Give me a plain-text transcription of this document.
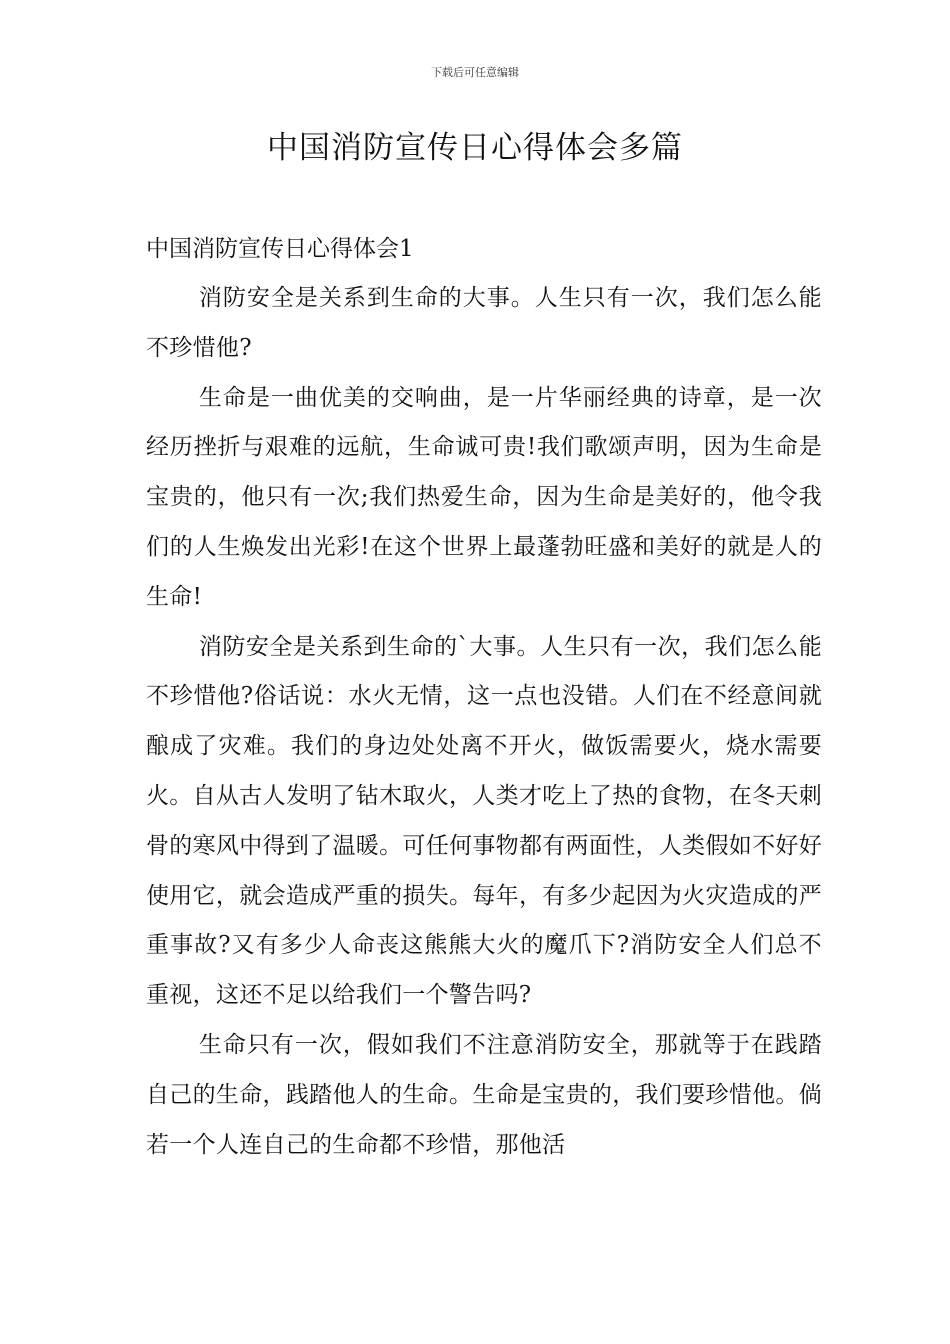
下载后可任意编辑
中国消防宣传日心得体会多篇
中国消防宣传日心得体会1

消防安全是关系到生命的大事。人生只有一次，我们怎么能不珍惜他?

生命是一曲优美的交响曲，是一片华丽经典的诗章，是一次经历挫折与艰难的远航，生命诚可贵!我们歌颂声明，因为生命是宝贵的，他只有一次;我们热爱生命，因为生命是美好的，他令我们的人生焕发出光彩!在这个世界上最蓬勃旺盛和美好的就是人的生命!

消防安全是关系到生命的`大事。人生只有一次，我们怎么能不珍惜他?俗话说：水火无情，这一点也没错。人们在不经意间就酿成了灾难。我们的身边处处离不开火，做饭需要火，烧水需要火。自从古人发明了钻木取火，人类才吃上了热的食物，在冬天刺骨的寒风中得到了温暖。可任何事物都有两面性，人类假如不好好使用它，就会造成严重的损失。每年，有多少起因为火灾造成的严重事故?又有多少人命丧这熊熊大火的魔爪下?消防安全人们总不重视，这还不足以给我们一个警告吗?

生命只有一次，假如我们不注意消防安全，那就等于在践踏自己的生命，践踏他人的生命。生命是宝贵的，我们要珍惜他。倘若一个人连自己的生命都不珍惜，那他活
